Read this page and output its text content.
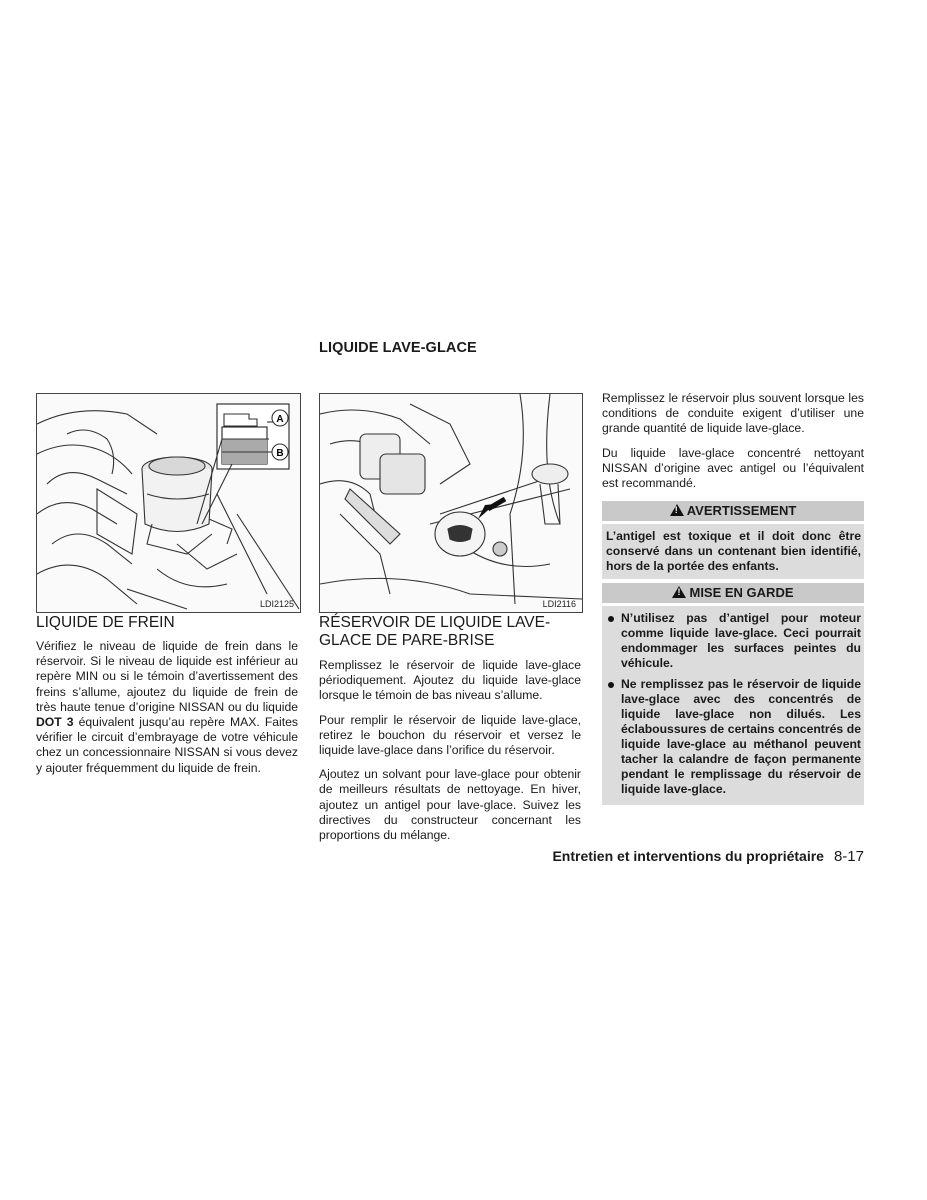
LIQUIDE LAVE-GLACE
A
B
LDI2125
LIQUIDE DE FREIN

Vérifiez le niveau de liquide de frein dans le réservoir. Si le niveau de liquide est inférieur au repère MIN ou si le témoin d’avertissement des freins s’allume, ajoutez du liquide de frein de très haute tenue d’origine NISSAN ou du liquide DOT 3 équivalent jusqu’au repère MAX. Faites vérifier le circuit d’embrayage de votre véhicule chez un concessionnaire NISSAN si vous devez y ajouter fréquemment du liquide de frein.

LDI2116
RÉSERVOIR DE LIQUIDE LAVE-GLACE DE PARE-BRISE

Remplissez le réservoir de liquide lave-glace périodiquement. Ajoutez du liquide lave-glace lorsque le témoin de bas niveau s’allume.

Pour remplir le réservoir de liquide lave-glace, retirez le bouchon du réservoir et versez le liquide lave-glace dans l’orifice du réservoir.

Ajoutez un solvant pour lave-glace pour obtenir de meilleurs résultats de nettoyage. En hiver, ajoutez un antigel pour lave-glace. Suivez les directives du constructeur concernant les proportions du mélange.

Remplissez le réservoir plus souvent lorsque les conditions de conduite exigent d’utiliser une grande quantité de liquide lave-glace.

Du liquide lave-glace concentré nettoyant NISSAN d’origine avec antigel ou l’équivalent est recommandé.

!AVERTISSEMENT
L’antigel est toxique et il doit donc être conservé dans un contenant bien identifié, hors de la portée des enfants.
!MISE EN GARDE
N’utilisez pas d’antigel pour moteur comme liquide lave-glace. Ceci pourrait endommager les surfaces peintes du véhicule.
Ne remplissez pas le réservoir de liquide lave-glace avec des concentrés de liquide lave-glace non dilués. Les éclaboussures de certains concentrés de liquide lave-glace au méthanol peuvent tacher la calandre de façon permanente pendant le remplissage du réservoir de liquide lave-glace.
Entretien et interventions du propriétaire 8-17
